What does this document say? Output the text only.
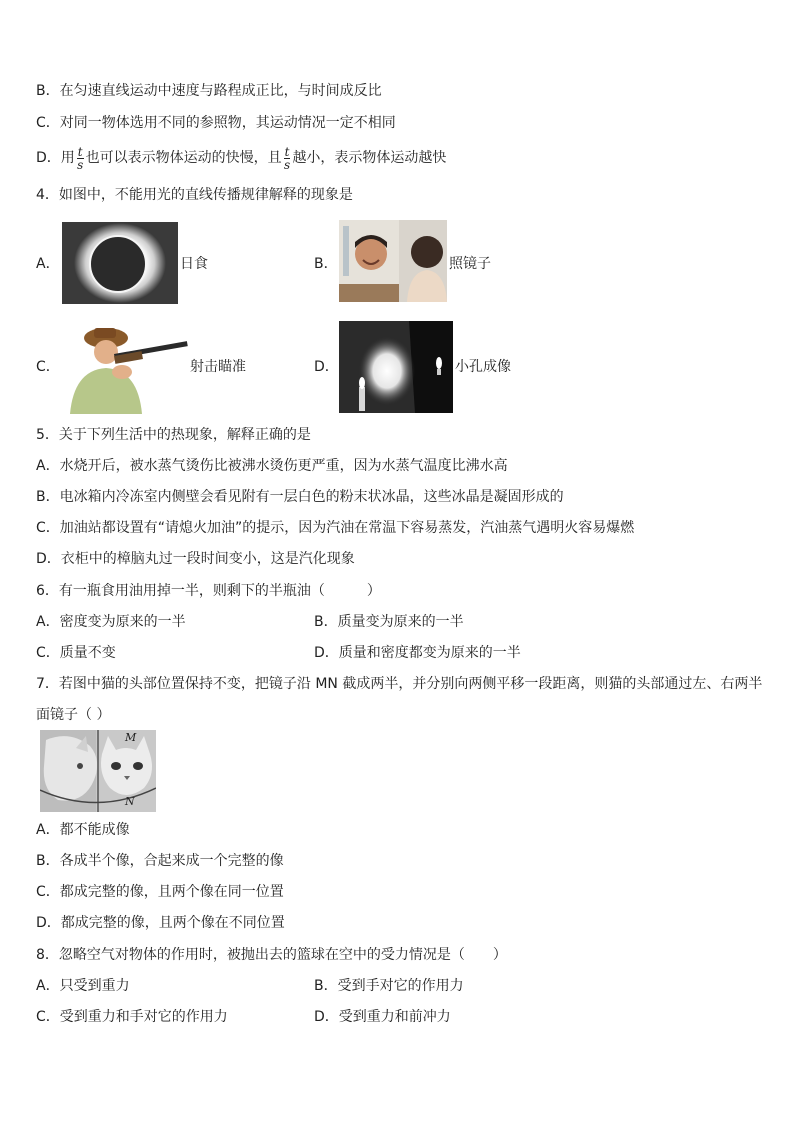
B．在匀速直线运动中速度与路程成正比，与时间成反比
C．对同一物体选用不同的参照物，其运动情况一定不相同
D．用 $\frac{t}{s}$ 也可以表示物体运动的快慢，且 $\frac{t}{s}$ 越小，表示物体运动越快
4．如图中，不能用光的直线传播规律解释的现象是
A．	日食	B．	照镜子
C．	射击瞄准	D．	小孔成像
5．关于下列生活中的热现象，解释正确的是
A．水烧开后，被水蒸气烫伤比被沸水烫伤更严重，因为水蒸气温度比沸水高
B．电冰箱内冷冻室内侧壁会看见附有一层白色的粉末状冰晶，这些冰晶是凝固形成的
C．加油站都设置有“请熄火加油”的提示，因为汽油在常温下容易蒸发，汽油蒸气遇明火容易爆燃
D．衣柜中的樟脑丸过一段时间变小，这是汽化现象
6．有一瓶食用油用掉一半，则剩下的半瓶油（　　　）
A．密度变为原来的一半	B．质量变为原来的一半
C．质量不变	D．质量和密度都变为原来的一半
7．若图中猫的头部位置保持不变，把镜子沿 MN 截成两半，并分别向两侧平移一段距离，则猫的头部通过左、右两半
面镜子（ ）
M
N
A．都不能成像
B．各成半个像，合起来成一个完整的像
C．都成完整的像，且两个像在同一位置
D．都成完整的像，且两个像在不同位置
8．忽略空气对物体的作用时，被抛出去的篮球在空中的受力情况是（　　）
A．只受到重力	B．受到手对它的作用力
C．受到重力和手对它的作用力	D．受到重力和前冲力
